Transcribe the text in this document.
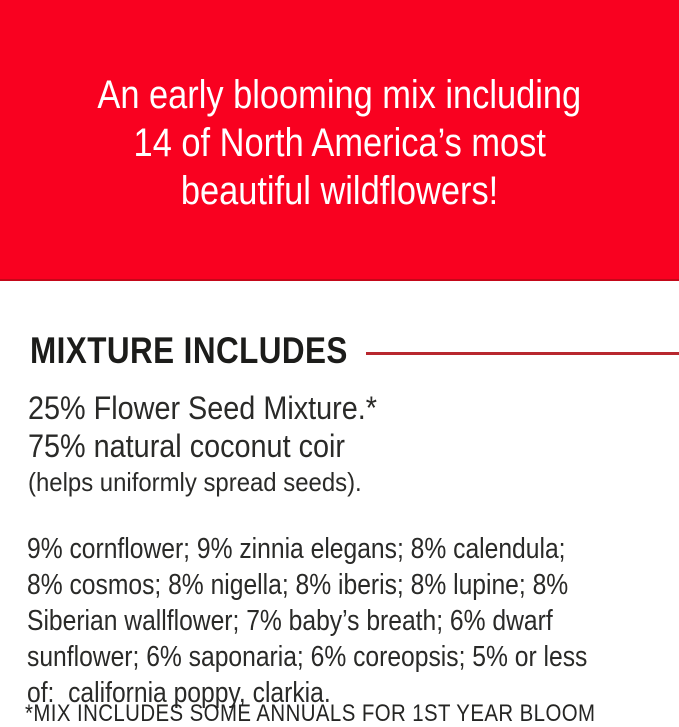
An early blooming mix including
14 of North America’s most
beautiful wildflowers!
MIXTURE INCLUDES
25% Flower Seed Mixture.*
75% natural coconut coir
(helps uniformly spread seeds).
9% cornflower; 9% zinnia elegans; 8% calendula;
8% cosmos; 8% nigella; 8% iberis; 8% lupine; 8%
Siberian wallflower; 7% baby’s breath; 6% dwarf
sunflower; 6% saponaria; 6% coreopsis; 5% or less
of:  california poppy, clarkia.
*MIX INCLUDES SOME ANNUALS FOR 1ST YEAR BLOOM
